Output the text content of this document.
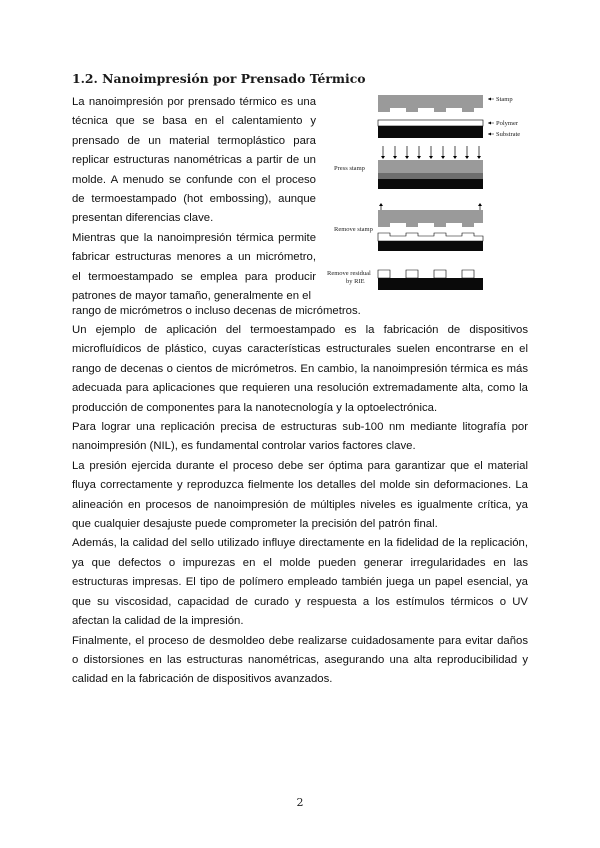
1.2. Nanoimpresión por Prensado Térmico

La nanoimpresión por prensado térmico es una técnica que se basa en el calentamiento y prensado de un material termoplástico para replicar estructuras nanométricas a partir de un molde. A menudo se confunde con el proceso de termoestampado (hot embossing), aunque presentan diferencias clave.

Mientras que la nanoimpresión térmica permite fabricar estructuras menores a un micrómetro, el termoestampado se emplea para producir patrones de mayor tamaño, generalmente en el

rango de micrómetros o incluso decenas de micrómetros.
Stamp
Polymer
Substrate
Press stamp
Remove stamp
Remove residual
by RIE

Un ejemplo de aplicación del termoestampado es la fabricación de dispositivos microfluídicos de plástico, cuyas características estructurales suelen encontrarse en el rango de decenas o cientos de micrómetros. En cambio, la nanoimpresión térmica es más adecuada para aplicaciones que requieren una resolución extremadamente alta, como la producción de componentes para la nanotecnología y la optoelectrónica.

Para lograr una replicación precisa de estructuras sub-100 nm mediante litografía por nanoimpresión (NIL), es fundamental controlar varios factores clave.

La presión ejercida durante el proceso debe ser óptima para garantizar que el material fluya correctamente y reproduzca fielmente los detalles del molde sin deformaciones. La alineación en procesos de nanoimpresión de múltiples niveles es igualmente crítica, ya que cualquier desajuste puede comprometer la precisión del patrón final.

Además, la calidad del sello utilizado influye directamente en la fidelidad de la replicación, ya que defectos o impurezas en el molde pueden generar irregularidades en las estructuras impresas. El tipo de polímero empleado también juega un papel esencial, ya que su viscosidad, capacidad de curado y respuesta a los estímulos térmicos o UV afectan la calidad de la impresión.

Finalmente, el proceso de desmoldeo debe realizarse cuidadosamente para evitar daños o distorsiones en las estructuras nanométricas, asegurando una alta reproducibilidad y calidad en la fabricación de dispositivos avanzados.

2
